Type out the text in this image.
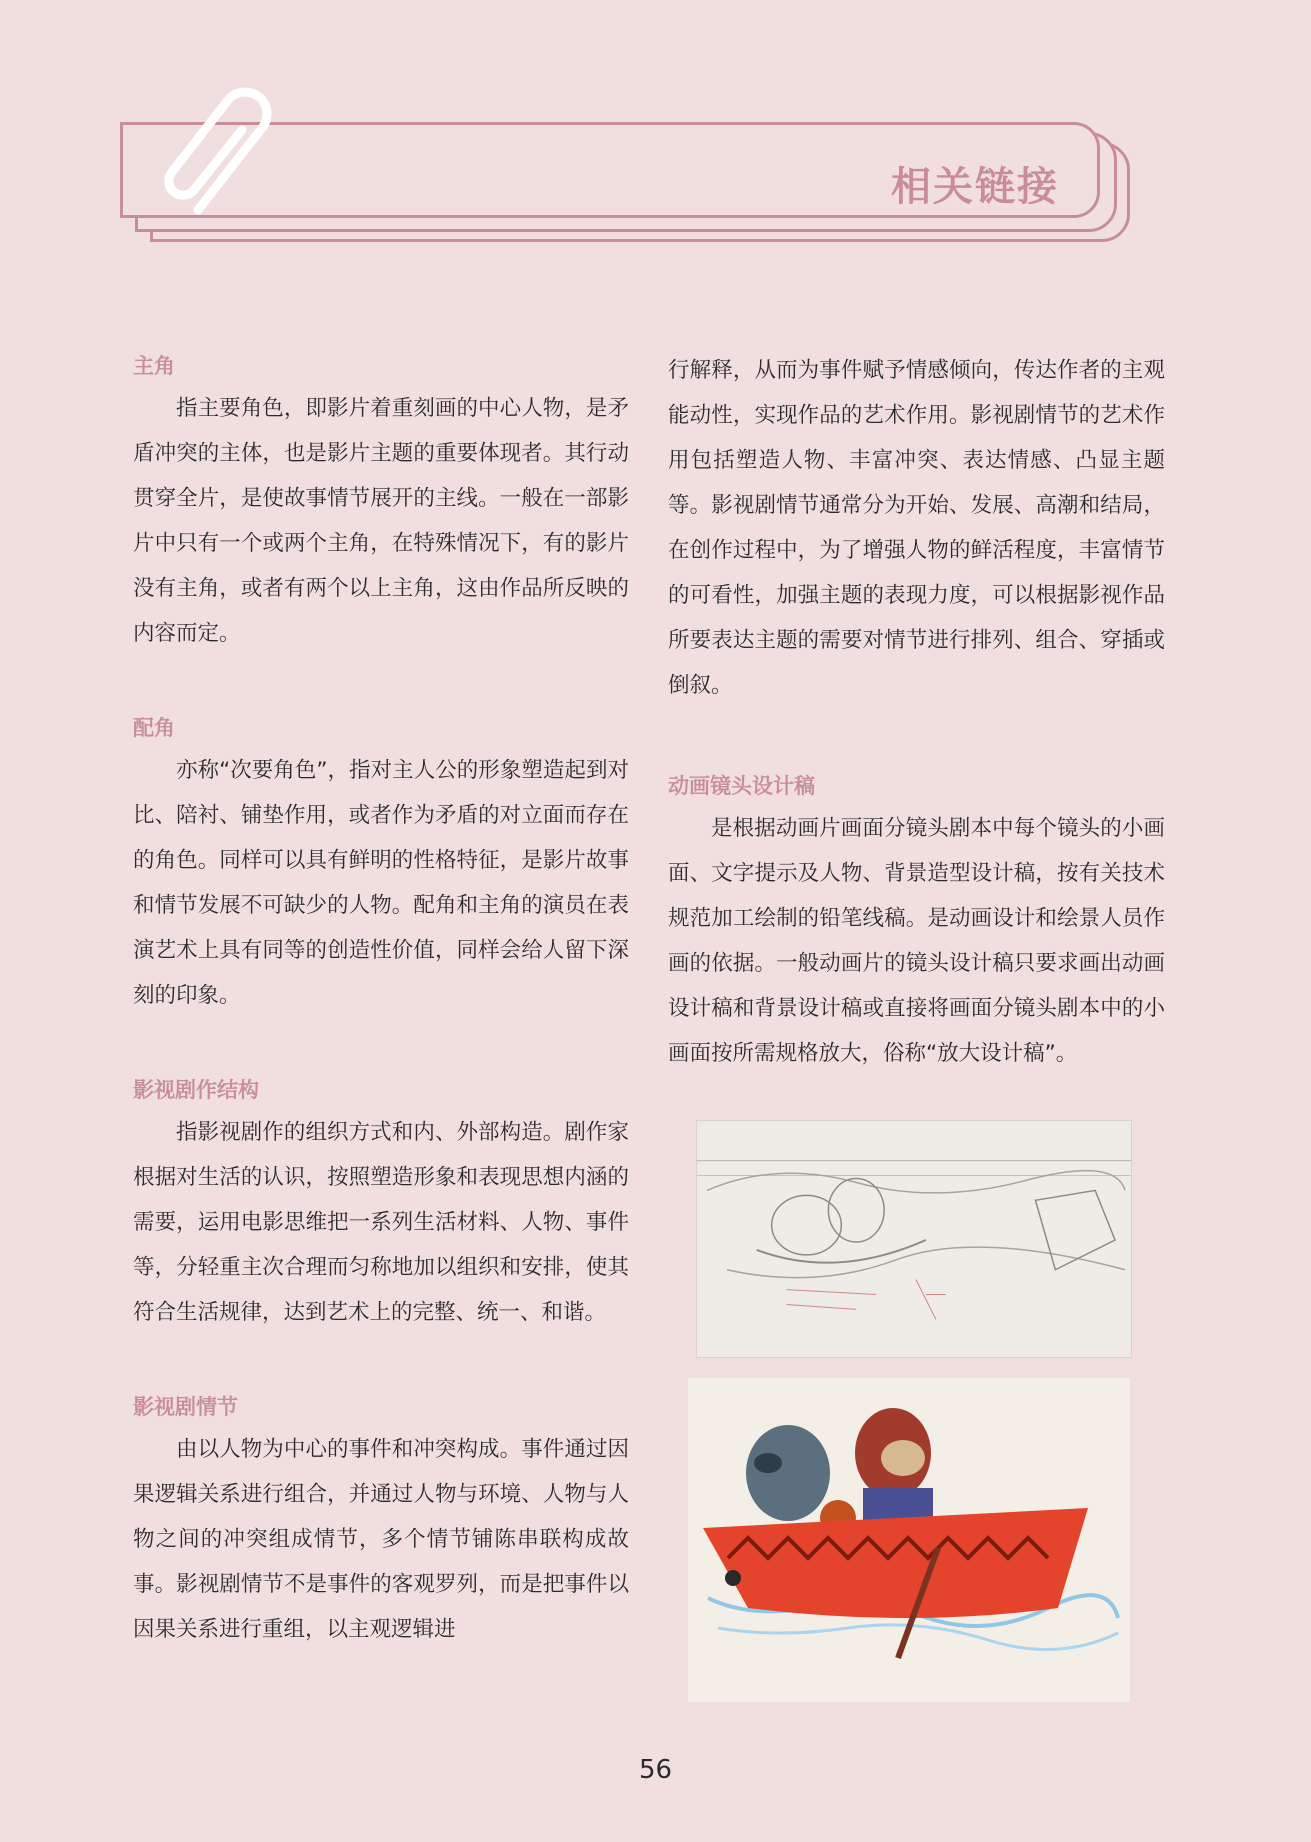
相关链接
主角

指主要角色，即影片着重刻画的中心人物，是矛盾冲突的主体，也是影片主题的重要体现者。其行动贯穿全片，是使故事情节展开的主线。一般在一部影片中只有一个或两个主角，在特殊情况下，有的影片没有主角，或者有两个以上主角，这由作品所反映的内容而定。

配角

亦称“次要角色”，指对主人公的形象塑造起到对比、陪衬、铺垫作用，或者作为矛盾的对立面而存在的角色。同样可以具有鲜明的性格特征，是影片故事和情节发展不可缺少的人物。配角和主角的演员在表演艺术上具有同等的创造性价值，同样会给人留下深刻的印象。

影视剧作结构

指影视剧作的组织方式和内、外部构造。剧作家根据对生活的认识，按照塑造形象和表现思想内涵的需要，运用电影思维把一系列生活材料、人物、事件等，分轻重主次合理而匀称地加以组织和安排，使其符合生活规律，达到艺术上的完整、统一、和谐。

影视剧情节

由以人物为中心的事件和冲突构成。事件通过因果逻辑关系进行组合，并通过人物与环境、人物与人物之间的冲突组成情节，多个情节铺陈串联构成故事。影视剧情节不是事件的客观罗列，而是把事件以因果关系进行重组，以主观逻辑进

行解释，从而为事件赋予情感倾向，传达作者的主观能动性，实现作品的艺术作用。影视剧情节的艺术作用包括塑造人物、丰富冲突、表达情感、凸显主题等。影视剧情节通常分为开始、发展、高潮和结局，在创作过程中，为了增强人物的鲜活程度，丰富情节的可看性，加强主题的表现力度，可以根据影视作品所要表达主题的需要对情节进行排列、组合、穿插或倒叙。

动画镜头设计稿

是根据动画片画面分镜头剧本中每个镜头的小画面、文字提示及人物、背景造型设计稿，按有关技术规范加工绘制的铅笔线稿。是动画设计和绘景人员作画的依据。一般动画片的镜头设计稿只要求画出动画设计稿和背景设计稿或直接将画面分镜头剧本中的小画面按所需规格放大，俗称“放大设计稿”。

56
